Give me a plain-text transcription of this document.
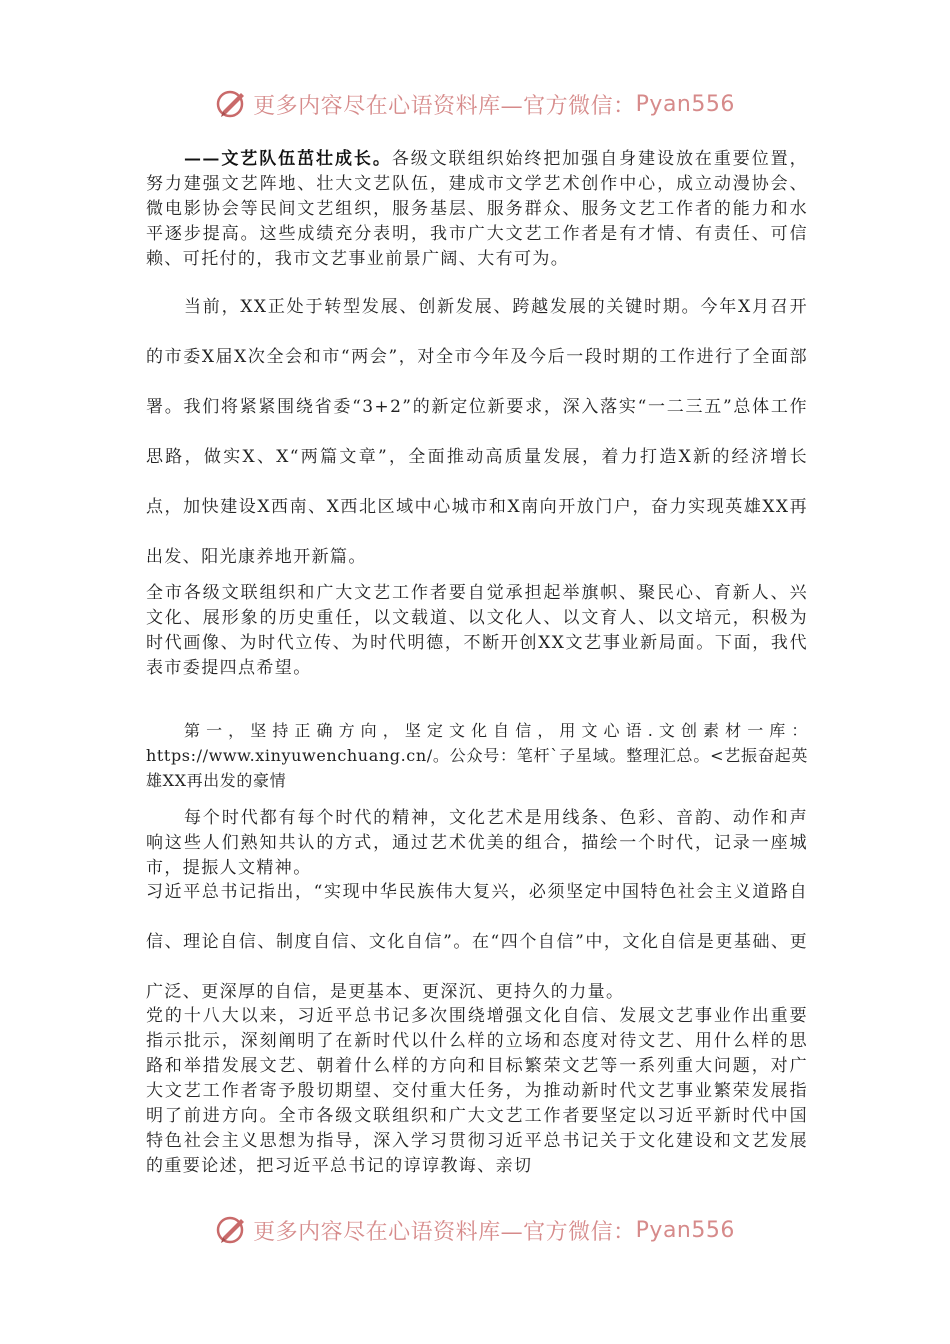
更多内容尽在心语资料库—官方微信： Pyan556

——文艺队伍茁壮成长。各级文联组织始终把加强自身建设放在重要位置，努力建强文艺阵地、壮大文艺队伍，建成市文学艺术创作中心，成立动漫协会、微电影协会等民间文艺组织，服务基层、服务群众、服务文艺工作者的能力和水平逐步提高。这些成绩充分表明，我市广大文艺工作者是有才情、有责任、可信赖、可托付的，我市文艺事业前景广阔、大有可为。

当前，XX正处于转型发展、创新发展、跨越发展的关键时期。今年X月召开的市委X届X次全会和市“两会”，对全市今年及今后一段时期的工作进行了全面部署。我们将紧紧围绕省委“3+2”的新定位新要求，深入落实“一二三五”总体工作思路，做实X、X“两篇文章”，全面推动高质量发展，着力打造X新的经济增长点，加快建设X西南、X西北区域中心城市和X南向开放门户，奋力实现英雄XX再出发、阳光康养地开新篇。

全市各级文联组织和广大文艺工作者要自觉承担起举旗帜、聚民心、育新人、兴文化、展形象的历史重任，以文载道、以文化人、以文育人、以文培元，积极为时代画像、为时代立传、为时代明德，不断开创XX文艺事业新局面。下面，我代表市委提四点希望。

第一，坚持正确方向，坚定文化自信，用文心语.文创素材一库：https://www.xinyuwenchuang.cn/。公众号：笔杆`子星域。整理汇总。<艺振奋起英雄XX再出发的豪情

每个时代都有每个时代的精神，文化艺术是用线条、色彩、音韵、动作和声响这些人们熟知共认的方式，通过艺术优美的组合，描绘一个时代，记录一座城市，提振人文精神。

习近平总书记指出，“实现中华民族伟大复兴，必须坚定中国特色社会主义道路自信、理论自信、制度自信、文化自信”。在“四个自信”中，文化自信是更基础、更广泛、更深厚的自信，是更基本、更深沉、更持久的力量。

党的十八大以来，习近平总书记多次围绕增强文化自信、发展文艺事业作出重要指示批示，深刻阐明了在新时代以什么样的立场和态度对待文艺、用什么样的思路和举措发展文艺、朝着什么样的方向和目标繁荣文艺等一系列重大问题，对广大文艺工作者寄予殷切期望、交付重大任务，为推动新时代文艺事业繁荣发展指明了前进方向。全市各级文联组织和广大文艺工作者要坚定以习近平新时代中国特色社会主义思想为指导，深入学习贯彻习近平总书记关于文化建设和文艺发展的重要论述，把习近平总书记的谆谆教诲、亲切

更多内容尽在心语资料库—官方微信： Pyan556
